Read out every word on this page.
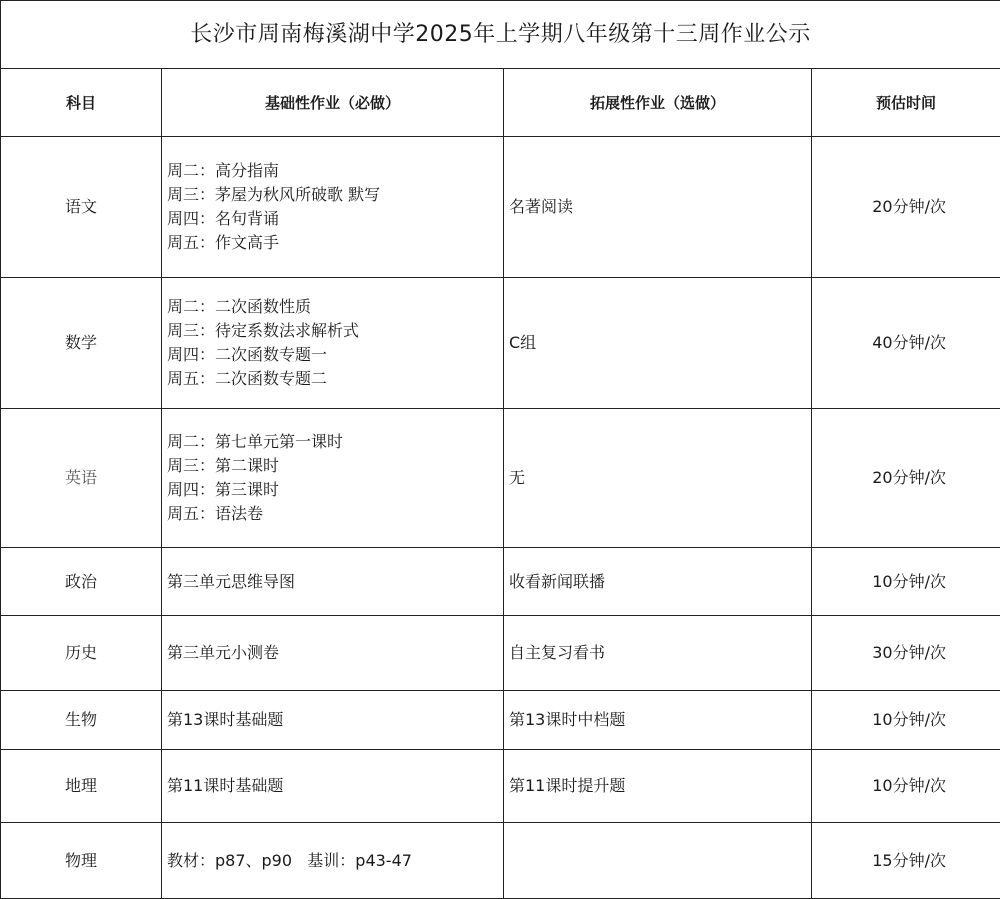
长沙市周南梅溪湖中学2025年上学期八年级第十三周作业公示			
科目	基础性作业（必做）	拓展性作业（选做）	预估时间
语文	周二：高分指南
周三：茅屋为秋风所破歌 默写
周四：名句背诵
周五：作文高手	名著阅读	20分钟/次
数学	周二：二次函数性质
周三：待定系数法求解析式
周四：二次函数专题一
周五：二次函数专题二	C组	40分钟/次
英语	周二：第七单元第一课时
周三：第二课时
周四：第三课时
周五：语法卷	无	20分钟/次
政治	第三单元思维导图	收看新闻联播	10分钟/次
历史	第三单元小测卷	自主复习看书	30分钟/次
生物	第13课时基础题	第13课时中档题	10分钟/次
地理	第11课时基础题	第11课时提升题	10分钟/次
物理	教材：p87、p90   基训：p43-47		15分钟/次
